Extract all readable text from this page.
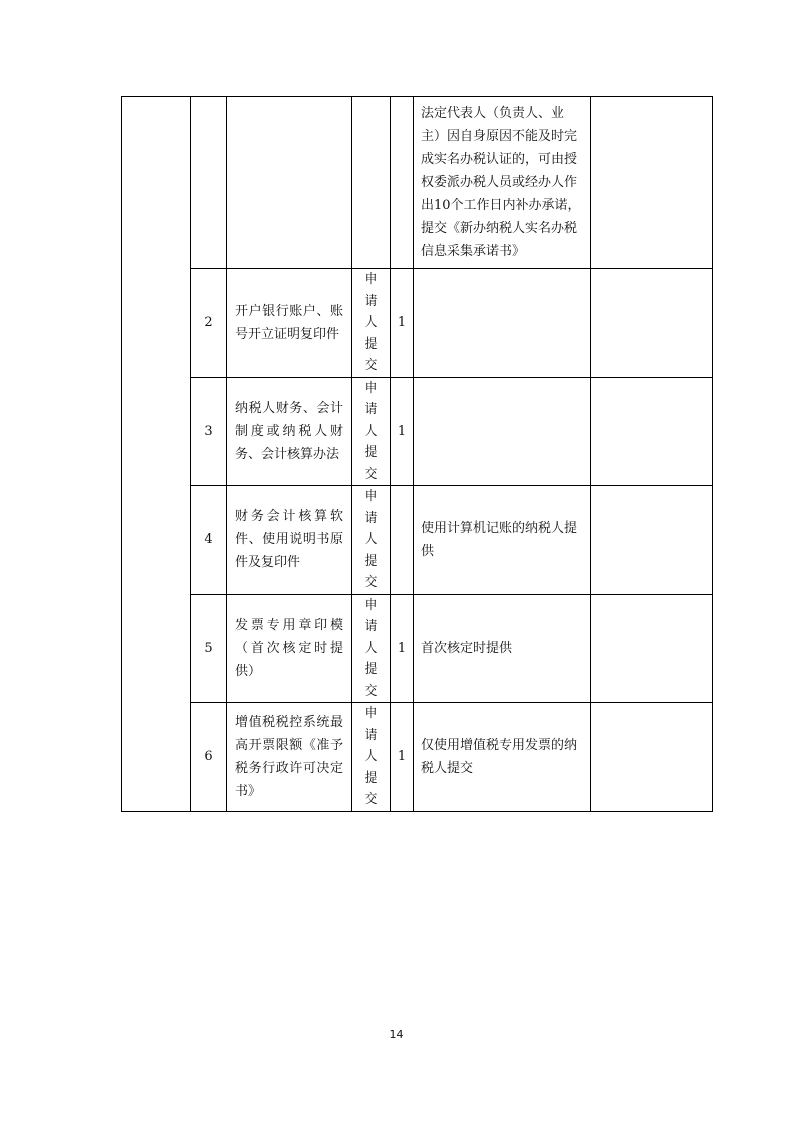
					法定代表人（负责人、业主）因自身原因不能及时完成实名办税认证的，可由授权委派办税人员或经办人作出10个工作日内补办承诺，提交《新办纳税人实名办税信息采集承诺书》	
	2	开户银行账户、账号开立证明复印件	申请人提交	1		
	3	纳税人财务、会计制度或纳税人财务、会计核算办法	申请人提交	1		
	4	财务会计核算软件、使用说明书原件及复印件	申请人提交		使用计算机记账的纳税人提供	
	5	发票专用章印模（首次核定时提供）	申请人提交	1	首次核定时提供	
	6	增值税税控系统最高开票限额《准予税务行政许可决定书》	申请人提交	1	仅使用增值税专用发票的纳税人提交	
14
